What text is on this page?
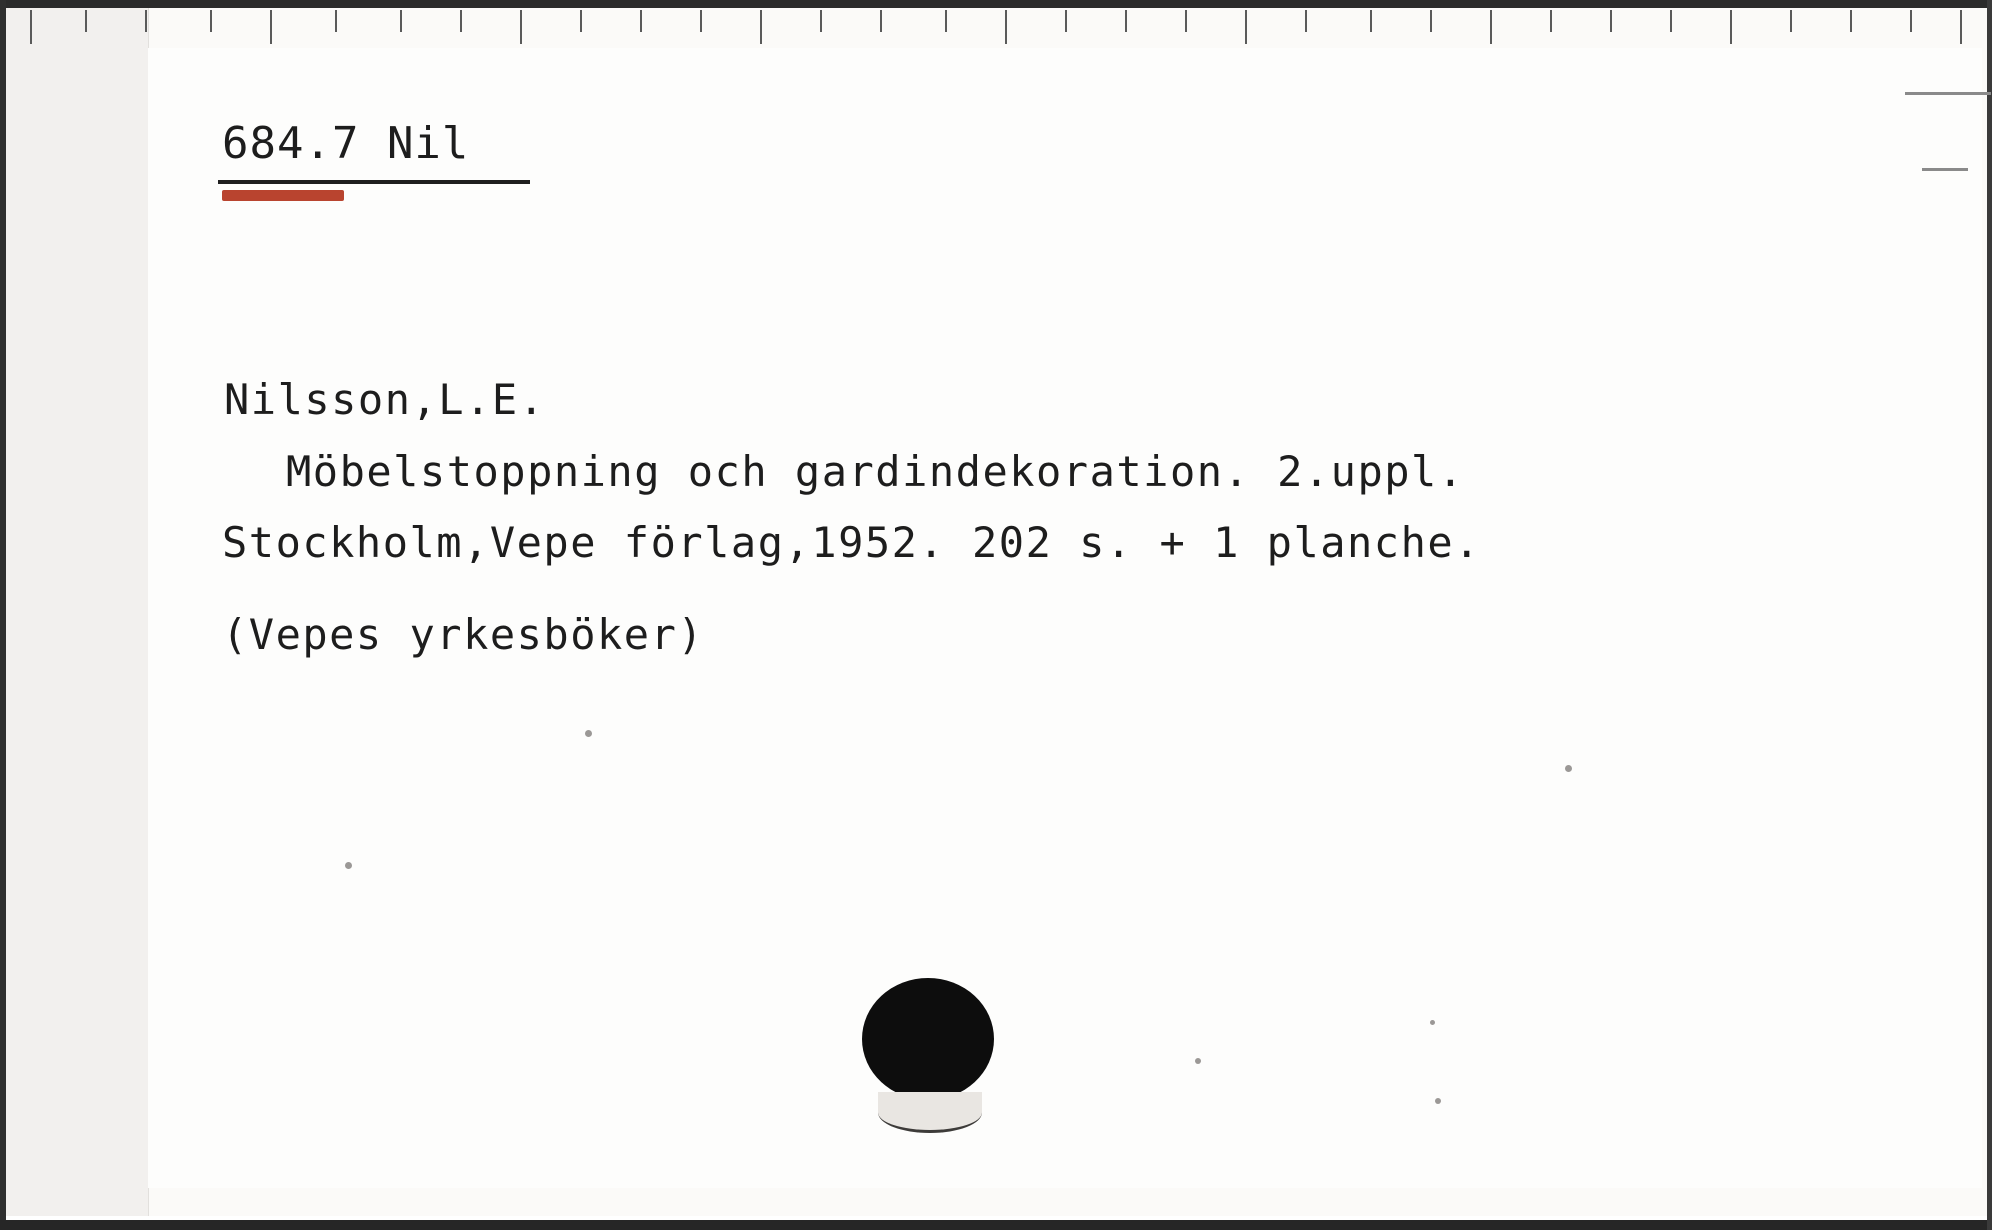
684.7 Nil
Nilsson,L.E.
Möbelstoppning och gardindekoration. 2.uppl.
Stockholm,Vepe förlag,1952. 202 s. + 1 planche.
(Vepes yrkesböker)
